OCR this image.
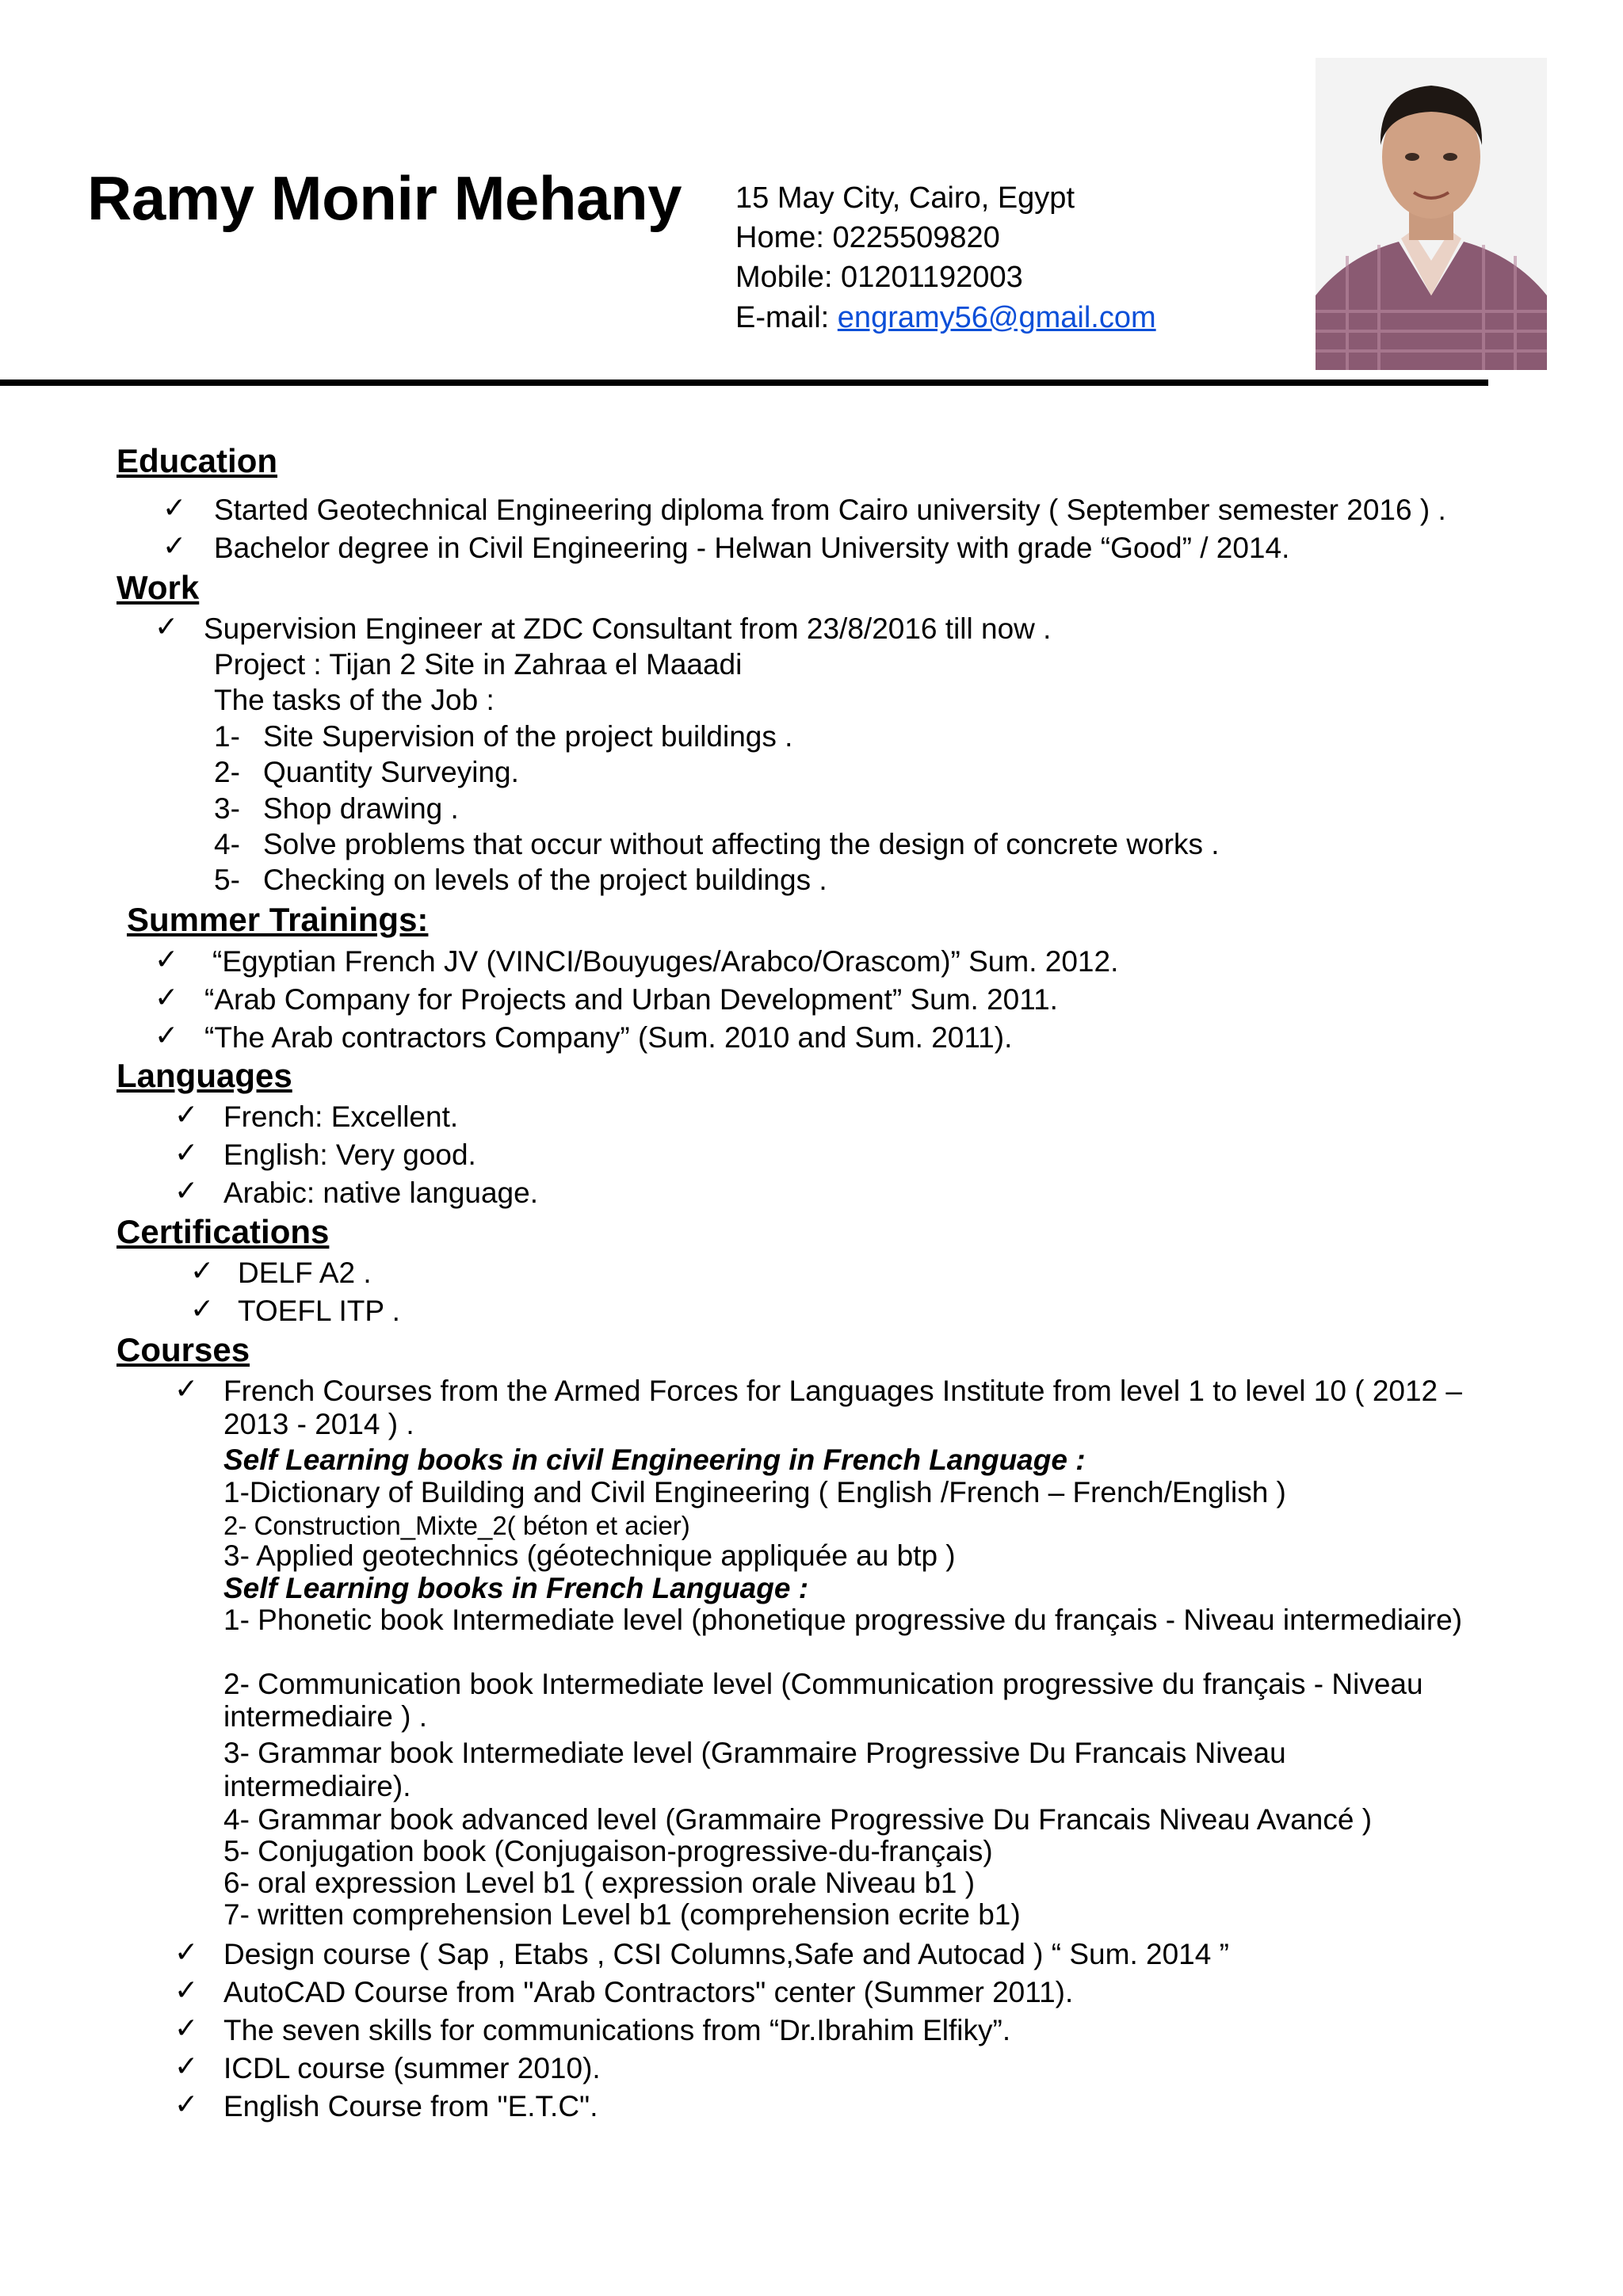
Ramy Monir Mehany 15 May City, Cairo, Egypt
Home: 0225509820
Mobile: 01201192003
E-mail: engramy56@gmail.com
Education
✓ Started Geotechnical Engineering diploma from Cairo university ( September semester 2016 ) .
✓ Bachelor degree in Civil Engineering - Helwan University with grade “Good” / 2014.
Work
✓ Supervision Engineer at ZDC Consultant from 23/8/2016 till now .
Project : Tijan 2 Site in Zahraa el Maaadi
The tasks of the Job :
1- Site Supervision of the project buildings .
2- Quantity Surveying.
3- Shop drawing .
4- Solve problems that occur without affecting the design of concrete works .
5- Checking on levels of the project buildings .
Summer Trainings:
✓ “Egyptian French JV (VINCI/Bouyuges/Arabco/Orascom)” Sum. 2012.
✓ “Arab Company for Projects and Urban Development” Sum. 2011.
✓ “The Arab contractors Company” (Sum. 2010 and Sum. 2011).
Languages
✓ French: Excellent.
✓ English: Very good.
✓ Arabic: native language.
Certifications
✓ DELF A2 .
✓ TOEFL ITP .
Courses
✓ French Courses from the Armed Forces for Languages Institute from level 1 to level 10 ( 2012 –
2013 - 2014 ) .
Self Learning books in civil Engineering in French Language :
1-Dictionary of Building and Civil Engineering ( English /French – French/English )
2- Construction_Mixte_2( béton et acier)
3- Applied geotechnics (géotechnique appliquée au btp )
Self Learning books in French Language :
1- Phonetic book Intermediate level (phonetique progressive du français - Niveau intermediaire)
2- Communication book Intermediate level (Communication progressive du français - Niveau
intermediaire ) .
3- Grammar book Intermediate level (Grammaire Progressive Du Francais Niveau
intermediaire).
4- Grammar book advanced level (Grammaire Progressive Du Francais Niveau Avancé )
5- Conjugation book (Conjugaison-progressive-du-français)
6- oral expression Level b1 ( expression orale Niveau b1 )
7- written comprehension Level b1 (comprehension ecrite b1)
✓ Design course ( Sap , Etabs , CSI Columns,Safe and Autocad ) “ Sum. 2014 ”
✓ AutoCAD Course from "Arab Contractors" center (Summer 2011).
✓ The seven skills for communications from “Dr.Ibrahim Elfiky”.
✓ ICDL course (summer 2010).
✓ English Course from "E.T.C".
